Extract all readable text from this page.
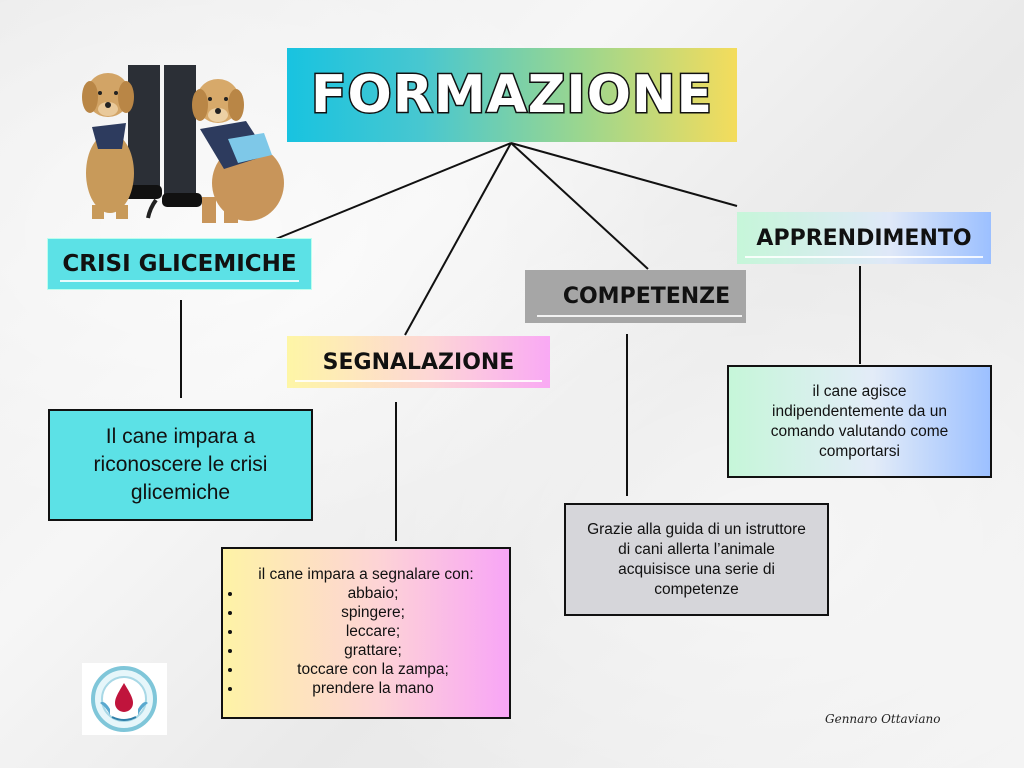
FORMAZIONE
CRISI GLICEMICHE
SEGNALAZIONE
COMPETENZE
APPRENDIMENTO
Il cane impara a riconoscere le crisi glicemiche
il cane impara a segnalare con:
• abbaio;
• spingere;
• leccare;
• grattare;
• toccare con la zampa;
• prendere la mano
Grazie alla guida di un istruttore di cani allerta l’animale acquisisce una serie di competenze
il cane agisce indipendentemente da un comando valutando come comportarsi
Gennaro Ottaviano
